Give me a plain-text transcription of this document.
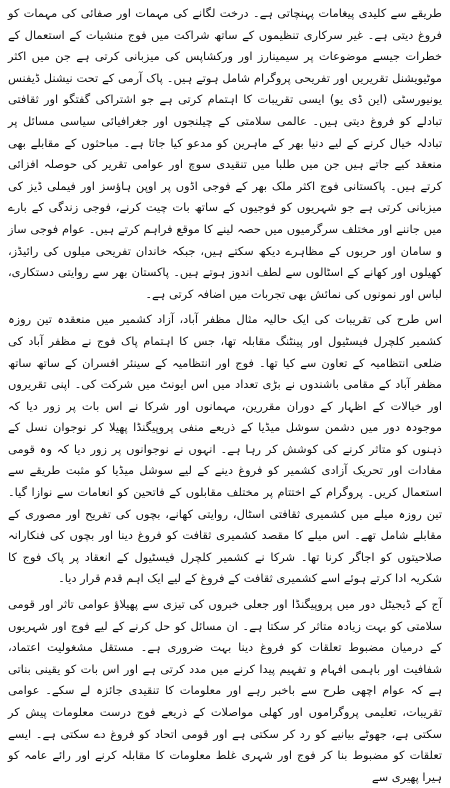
طریقے سے کلیدی پیغامات پہنچاتی ہے۔ درخت لگانے کی مہمات اور صفائی کی مہمات کو فروغ دیتی ہے۔ غیر سرکاری تنظیموں کے ساتھ شراکت میں فوج منشیات کے استعمال کے خطرات جیسے موضوعات پر سیمینارز اور ورکشاپس کی میزبانی کرتی ہے جن میں اکثر موٹیویشنل تقریریں اور تفریحی پروگرام شامل ہوتے ہیں۔ پاک آرمی کے تحت نیشنل ڈیفنس یونیورسٹی (این ڈی یو) ایسی تقریبات کا اہتمام کرتی ہے جو اشتراکی گفتگو اور ثقافتی تبادلے کو فروغ دیتی ہیں۔ عالمی سلامتی کے چیلنجوں اور جغرافیائی سیاسی مسائل پر تبادلہ خیال کرنے کے لیے دنیا بھر کے ماہرین کو مدعو کیا جاتا ہے۔ مباحثوں کے مقابلے بھی منعقد کیے جاتے ہیں جن میں طلبا میں تنقیدی سوچ اور عوامی تقریر کی حوصلہ افزائی کرتے ہیں۔ پاکستانی فوج اکثر ملک بھر کے فوجی اڈوں پر اوپن ہاؤسز اور فیملی ڈیز کی میزبانی کرتی ہے جو شہریوں کو فوجیوں کے ساتھ بات چیت کرنے، فوجی زندگی کے بارے میں جاننے اور مختلف سرگرمیوں میں حصہ لینے کا موقع فراہم کرتے ہیں۔ عوام فوجی ساز و سامان اور حربوں کے مظاہرے دیکھ سکتے ہیں، جبکہ خاندان تفریحی میلوں کی رائیڈز، کھیلوں اور کھانے کے اسٹالوں سے لطف اندوز ہوتے ہیں۔ پاکستان بھر سے روایتی دستکاری، لباس اور نمونوں کی نمائش بھی تجربات میں اضافہ کرتی ہے۔

اس طرح کی تقریبات کی ایک حالیہ مثال مظفر آباد، آزاد کشمیر میں منعقدہ تین روزہ کشمیر کلچرل فیسٹیول اور پینٹنگ مقابلہ تھا، جس کا اہتمام پاک فوج نے مظفر آباد کی ضلعی انتظامیہ کے تعاون سے کیا تھا۔ فوج اور انتظامیہ کے سینئر افسران کے ساتھ ساتھ مظفر آباد کے مقامی باشندوں نے بڑی تعداد میں اس ایونٹ میں شرکت کی۔ اپنی تقریروں اور خیالات کے اظہار کے دوران مقررین، مہمانوں اور شرکا نے اس بات پر زور دیا کہ موجودہ دور میں دشمن سوشل میڈیا کے ذریعے منفی پروپیگنڈا پھیلا کر نوجوان نسل کے ذہنوں کو متاثر کرنے کی کوشش کر رہا ہے۔ انہوں نے نوجوانوں پر زور دیا کہ وہ قومی مفادات اور تحریک آزادی کشمیر کو فروغ دینے کے لیے سوشل میڈیا کو مثبت طریقے سے استعمال کریں۔ پروگرام کے اختتام پر مختلف مقابلوں کے فاتحین کو انعامات سے نوازا گیا۔ تین روزہ میلے میں کشمیری ثقافتی اسٹال، روایتی کھانے، بچوں کی تفریح اور مصوری کے مقابلے شامل تھے۔ اس میلے کا مقصد کشمیری ثقافت کو فروغ دینا اور بچوں کی فنکارانہ صلاحیتوں کو اجاگر کرنا تھا۔ شرکا نے کشمیر کلچرل فیسٹیول کے انعقاد پر پاک فوج کا شکریہ ادا کرتے ہوئے اسے کشمیری ثقافت کے فروغ کے لیے ایک اہم قدم قرار دیا۔

آج کے ڈیجیٹل دور میں پروپیگنڈا اور جعلی خبروں کی تیزی سے پھیلاؤ عوامی تاثر اور قومی سلامتی کو بہت زیادہ متاثر کر سکتا ہے۔ ان مسائل کو حل کرنے کے لیے فوج اور شہریوں کے درمیان مضبوط تعلقات کو فروغ دینا بہت ضروری ہے۔ مستقل مشغولیت اعتماد، شفافیت اور باہمی افہام و تفہیم پیدا کرنے میں مدد کرتی ہے اور اس بات کو یقینی بناتی ہے کہ عوام اچھی طرح سے باخبر رہے اور معلومات کا تنقیدی جائزہ لے سکے۔ عوامی تقریبات، تعلیمی پروگراموں اور کھلی مواصلات کے ذریعے فوج درست معلومات پیش کر سکتی ہے، جھوٹے بیانیے کو رد کر سکتی ہے اور قومی اتحاد کو فروغ دے سکتی ہے۔ ایسے تعلقات کو مضبوط بنا کر فوج اور شہری غلط معلومات کا مقابلہ کرنے اور رائے عامہ کو ہیرا پھیری سے
